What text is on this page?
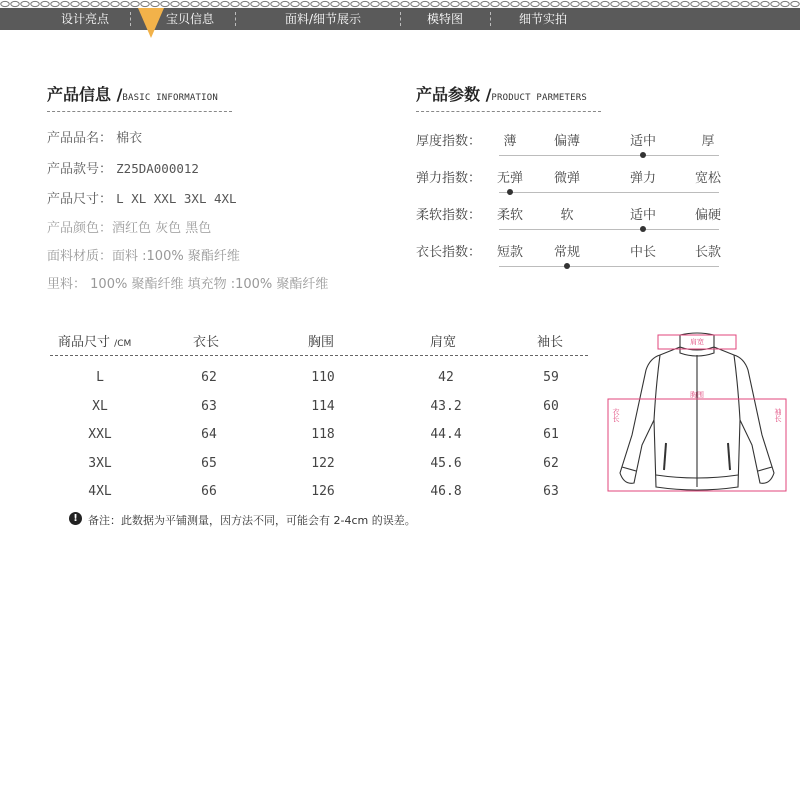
设计亮点	宝贝信息	面料/细节展示	模特图	细节实拍
产品信息 /BASIC INFORMATION
产品品名： 棉衣
产品款号： Z25DA000012
产品尺寸： L XL XXL 3XL 4XL
产品颜色：酒红色 灰色 黑色
面料材质：面料 :100% 聚酯纤维
里料： 100% 聚酯纤维 填充物 :100% 聚酯纤维
产品参数 /PRODUCT PARMETERS
厚度指数：	薄	偏薄	适中	厚
弹力指数：	无弹	微弹	弹力	宽松
柔软指数：	柔软	软	适中	偏硬
衣长指数：	短款	常规	中长	长款
商品尺寸 /CM	衣长	胸围	肩宽	袖长
L	62	110	42	59
XL	63	114	43.2	60
XXL	64	118	44.4	61
3XL	65	122	45.6	62
4XL	66	126	46.8	63
! 备注：此数据为平铺测量，因方法不同，可能会有 2-4cm 的误差。
肩宽
胸围
衣长	袖长
